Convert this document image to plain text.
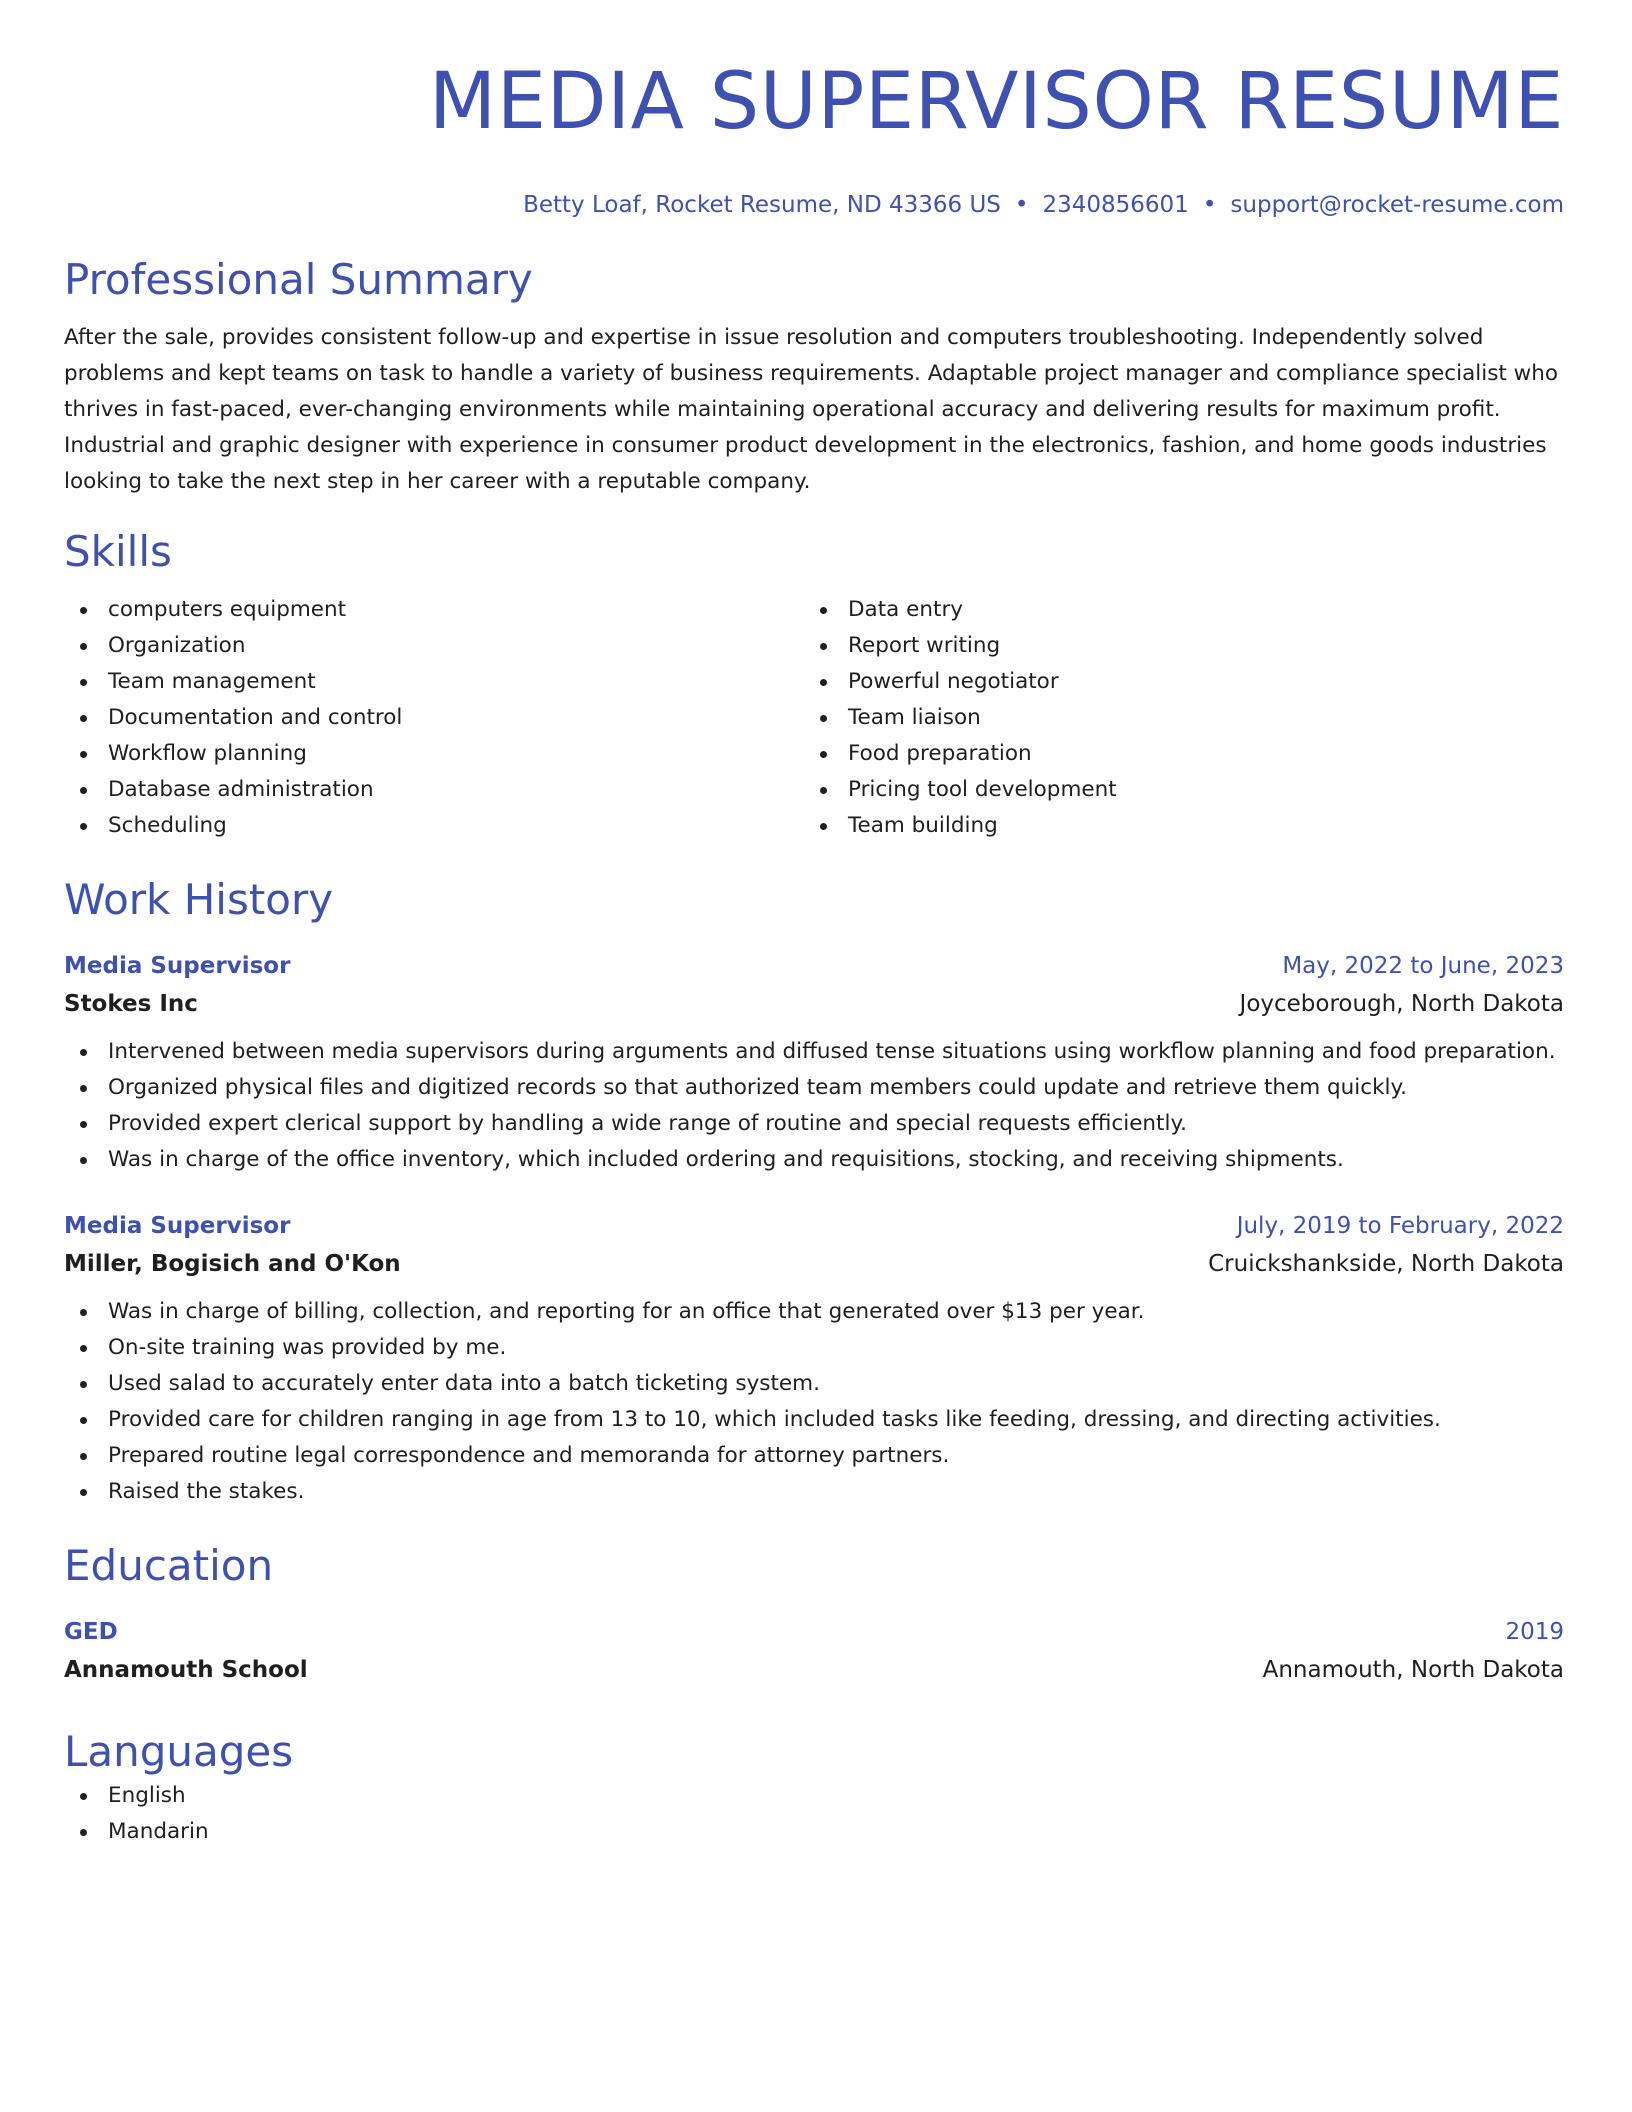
MEDIA SUPERVISOR RESUME
Betty Loaf, Rocket Resume, ND 43366 US • 2340856601 • support@rocket-resume.com
Professional Summary

After the sale, provides consistent follow-up and expertise in issue resolution and computers troubleshooting. Independently solved problems and kept teams on task to handle a variety of business requirements. Adaptable project manager and compliance specialist who thrives in fast-paced, ever-changing environments while maintaining operational accuracy and delivering results for maximum profit. Industrial and graphic designer with experience in consumer product development in the electronics, fashion, and home goods industries looking to take the next step in her career with a reputable company.

Skills
computers equipment
Organization
Team management
Documentation and control
Workflow planning
Database administration
Scheduling
Data entry
Report writing
Powerful negotiator
Team liaison
Food preparation
Pricing tool development
Team building
Work History
Media Supervisor	May, 2022 to June, 2023
Stokes Inc	Joyceborough, North Dakota
Intervened between media supervisors during arguments and diffused tense situations using workflow planning and food preparation.
Organized physical files and digitized records so that authorized team members could update and retrieve them quickly.
Provided expert clerical support by handling a wide range of routine and special requests efficiently.
Was in charge of the office inventory, which included ordering and requisitions, stocking, and receiving shipments.
Media Supervisor	July, 2019 to February, 2022
Miller, Bogisich and O'Kon	Cruickshankside, North Dakota
Was in charge of billing, collection, and reporting for an office that generated over $13 per year.
On-site training was provided by me.
Used salad to accurately enter data into a batch ticketing system.
Provided care for children ranging in age from 13 to 10, which included tasks like feeding, dressing, and directing activities.
Prepared routine legal correspondence and memoranda for attorney partners.
Raised the stakes.
Education
GED	2019
Annamouth School	Annamouth, North Dakota
Languages
English
Mandarin
